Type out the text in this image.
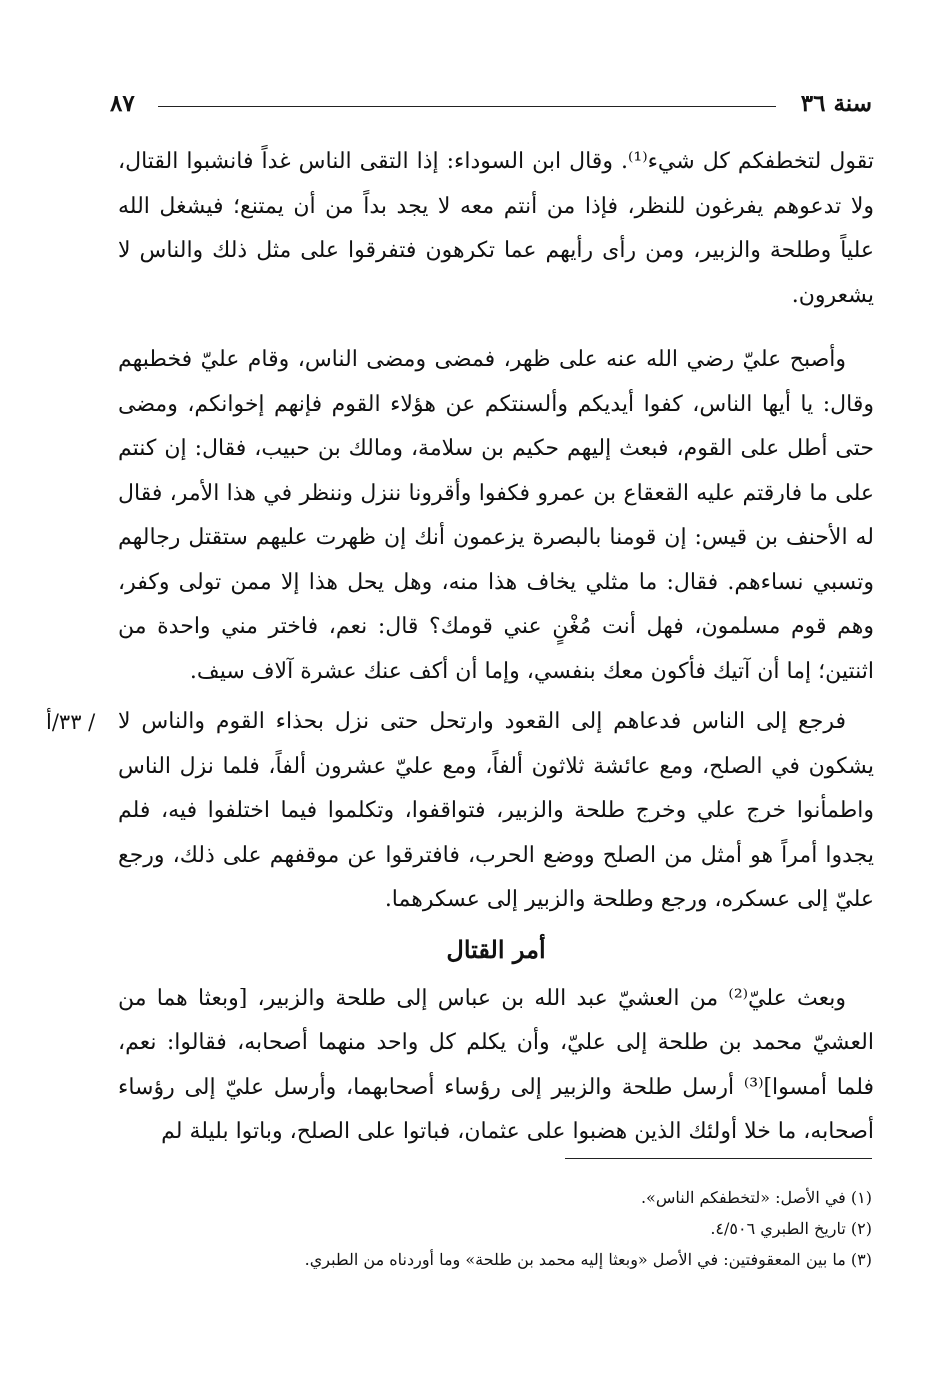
سنة ٣٦
٨٧

تقول لتخطفكم كل شيء⁽¹⁾. وقال ابن السوداء: إذا التقى الناس غداً فانشبوا القتال، ولا تدعوهم يفرغون للنظر، فإذا من أنتم معه لا يجد بداً من أن يمتنع؛ فيشغل الله علياً وطلحة والزبير، ومن رأى رأيهم عما تكرهون فتفرقوا على مثل ذلك والناس لا يشعرون.

وأصبح عليّ رضي الله عنه على ظهر، فمضى ومضى الناس، وقام عليّ فخطبهم وقال: يا أيها الناس، كفوا أيديكم وألسنتكم عن هؤلاء القوم فإنهم إخوانكم، ومضى حتى أطل على القوم، فبعث إليهم حكيم بن سلامة، ومالك بن حبيب، فقال: إن كنتم على ما فارقتم عليه القعقاع بن عمرو فكفوا وأقرونا ننزل وننظر في هذا الأمر، فقال له الأحنف بن قيس: إن قومنا بالبصرة يزعمون أنك إن ظهرت عليهم ستقتل رجالهم وتسبي نساءهم. فقال: ما مثلي يخاف هذا منه، وهل يحل هذا إلا ممن تولى وكفر، وهم قوم مسلمون، فهل أنت مُغْنٍ عني قومك؟ قال: نعم، فاختر مني واحدة من اثنتين؛ إما أن آتيك فأكون معك بنفسي، وإما أن أكف عنك عشرة آلاف سيف.

/ ٣٣/أ فرجع إلى الناس فدعاهم إلى القعود وارتحل حتى نزل بحذاء القوم والناس لا يشكون في الصلح، ومع عائشة ثلاثون ألفاً، ومع عليّ عشرون ألفاً، فلما نزل الناس واطمأنوا خرج علي وخرج طلحة والزبير، فتواقفوا، وتكلموا فيما اختلفوا فيه، فلم يجدوا أمراً هو أمثل من الصلح ووضع الحرب، فافترقوا عن موقفهم على ذلك، ورجع عليّ إلى عسكره، ورجع وطلحة والزبير إلى عسكرهما.

أمر القتال

وبعث عليّ⁽²⁾ من العشيّ عبد الله بن عباس إلى طلحة والزبير، [وبعثا هما من العشيّ محمد بن طلحة إلى عليّ، وأن يكلم كل واحد منهما أصحابه، فقالوا: نعم، فلما أمسوا]⁽³⁾ أرسل طلحة والزبير إلى رؤساء أصحابهما، وأرسل عليّ إلى رؤساء أصحابه، ما خلا أولئك الذين هضبوا على عثمان، فباتوا على الصلح، وباتوا بليلة لم

(١) في الأصل: «لتخطفكم الناس».

(٢) تاريخ الطبري ٤/٥٠٦.

(٣) ما بين المعقوفتين: في الأصل «وبعثا إليه محمد بن طلحة» وما أوردناه من الطبري.
